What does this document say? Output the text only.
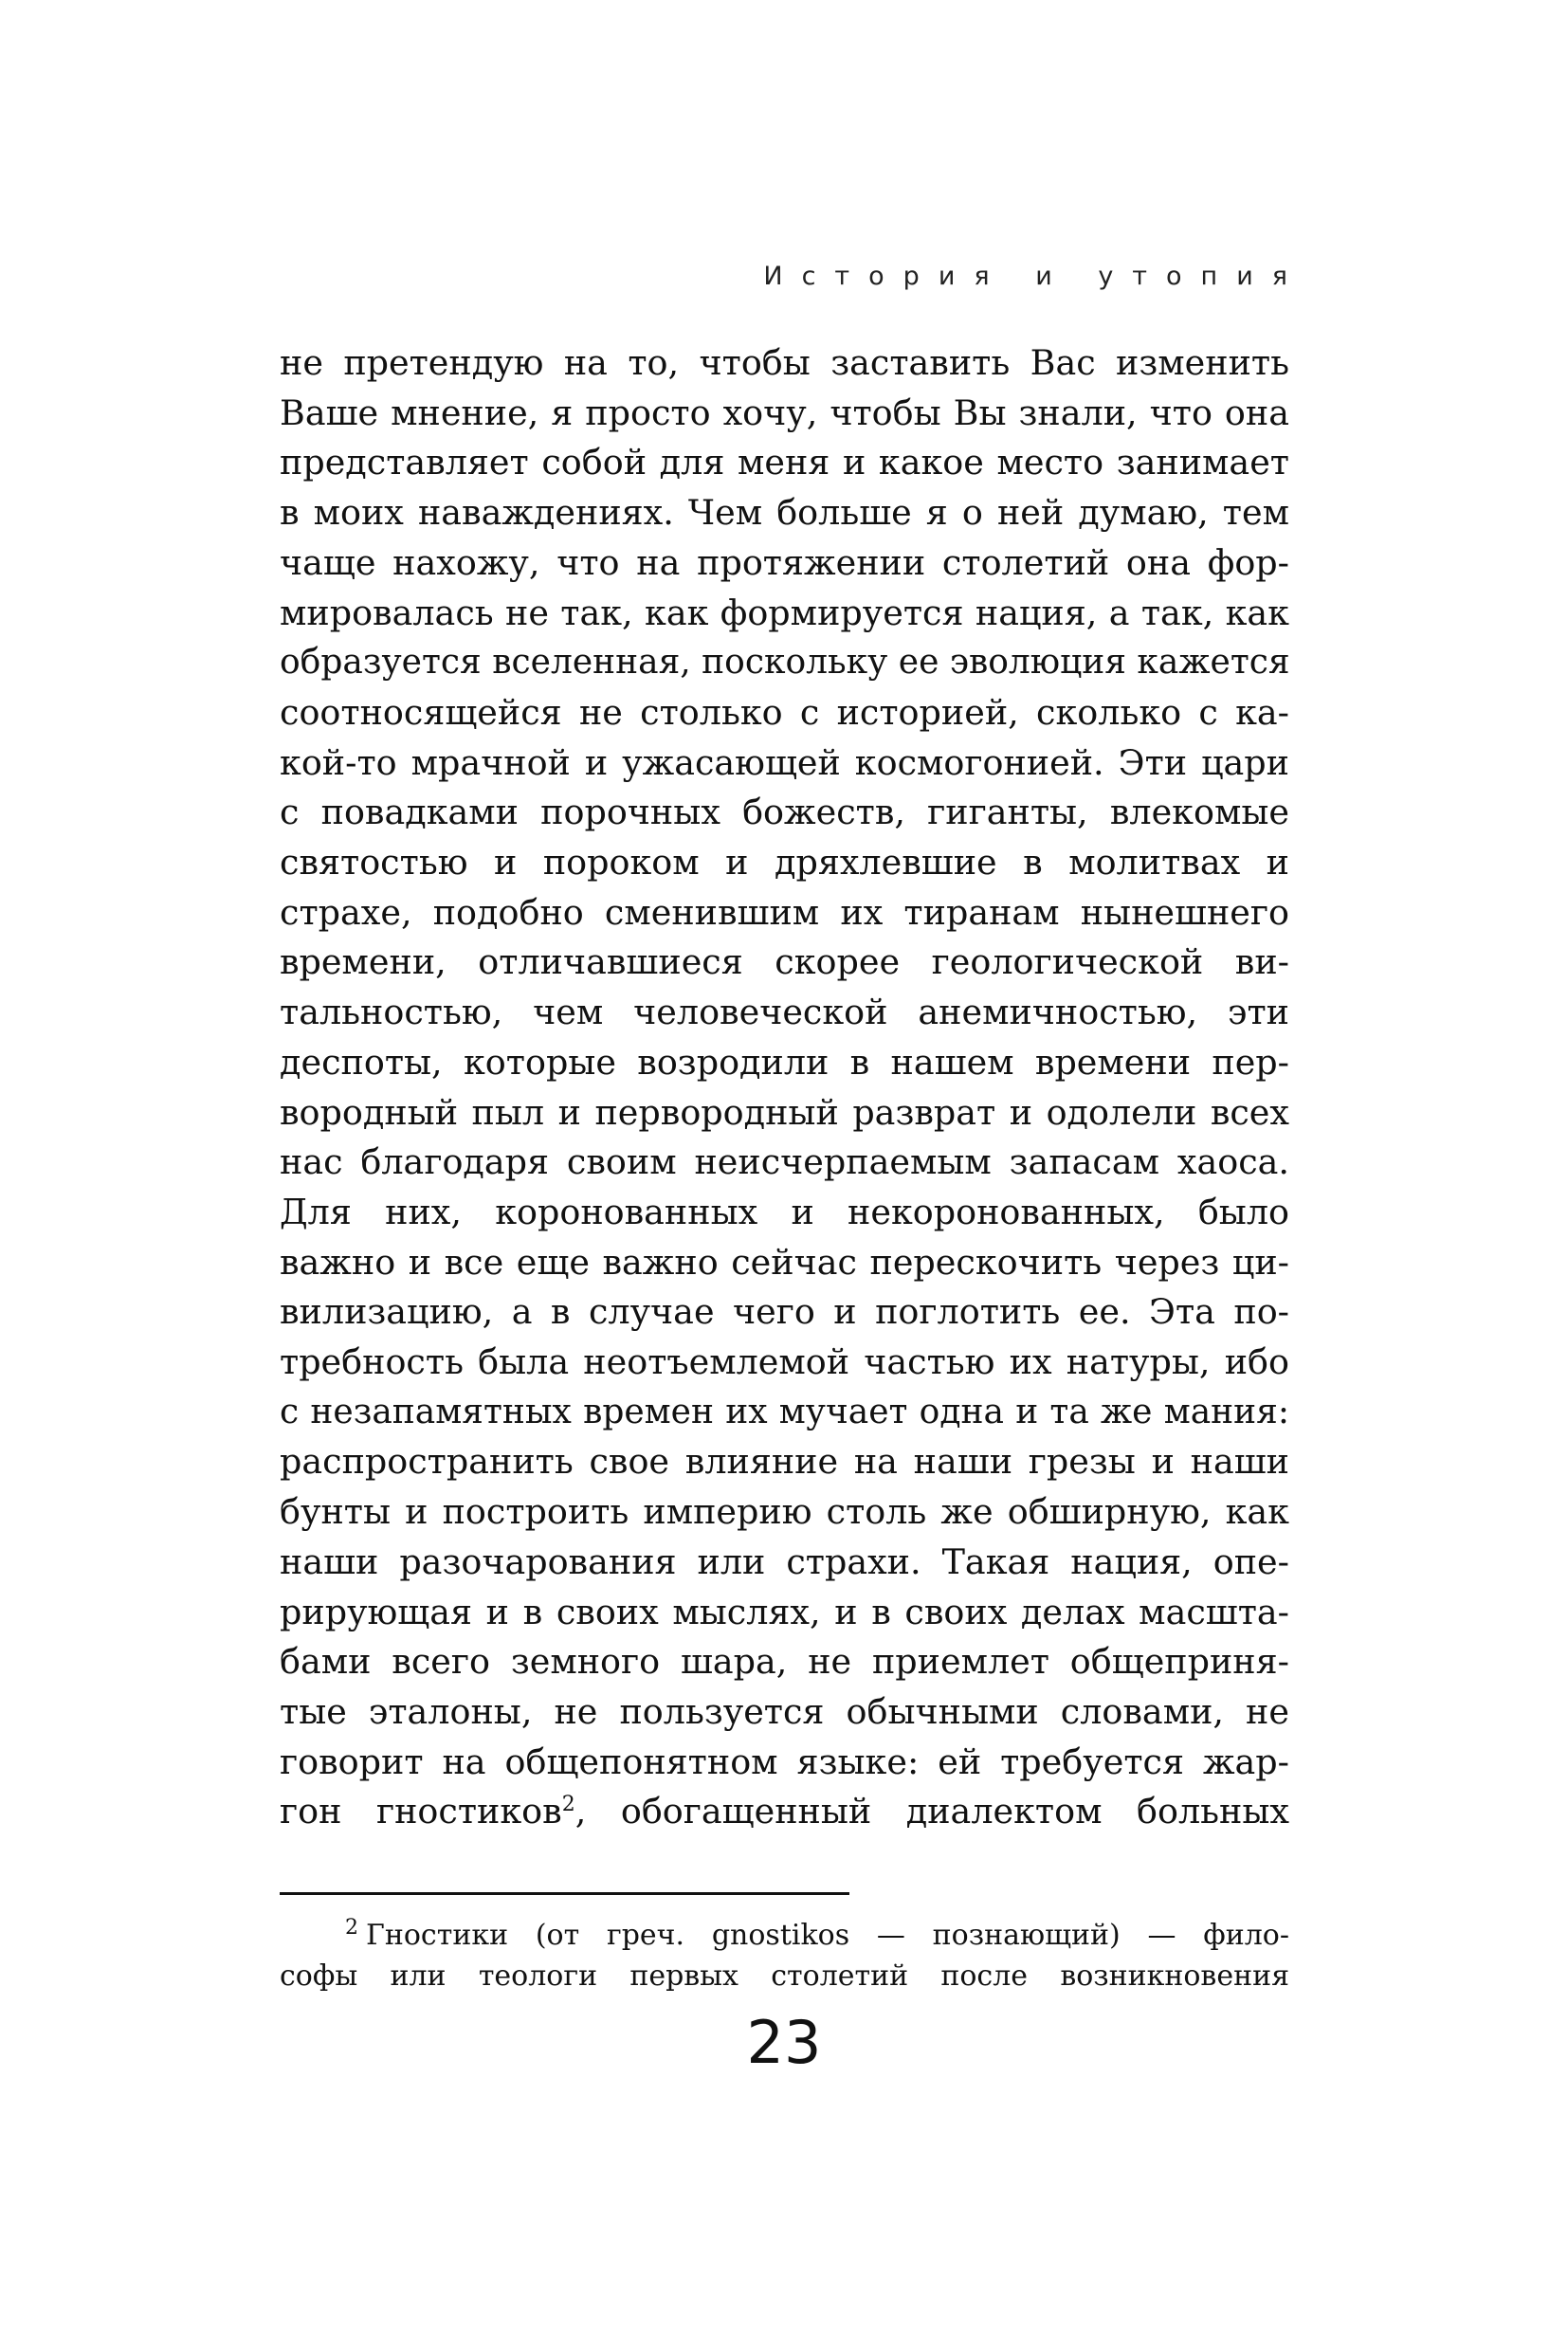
История и утопия
не претендую на то, чтобы заставить Вас изменить
Ваше мнение, я просто хочу, чтобы Вы знали, что она
представляет собой для меня и какое место занимает
в моих наваждениях. Чем больше я о ней думаю, тем
чаще нахожу, что на протяжении столетий она фор-
мировалась не так, как формируется нация, а так, как
образуется вселенная, поскольку ее эволюция кажется
соотносящейся не столько с историей, сколько с ка-
кой-то мрачной и ужасающей космогонией. Эти цари
с повадками порочных божеств, гиганты, влекомые
святостью и пороком и дряхлевшие в молитвах и
страхе, подобно сменившим их тиранам нынешнего
времени, отличавшиеся скорее геологической ви-
тальностью, чем человеческой анемичностью, эти
деспоты, которые возродили в нашем времени пер-
вородный пыл и первородный разврат и одолели всех
нас благодаря своим неисчерпаемым запасам хаоса.
Для них, коронованных и некоронованных, было
важно и все еще важно сейчас перескочить через ци-
вилизацию, а в случае чего и поглотить ее. Эта по-
требность была неотъемлемой частью их натуры, ибо
с незапамятных времен их мучает одна и та же мания:
распространить свое влияние на наши грезы и наши
бунты и построить империю столь же обширную, как
наши разочарования или страхи. Такая нация, опе-
рирующая и в своих мыслях, и в своих делах масшта-
бами всего земного шара, не приемлет общеприня-
тые эталоны, не пользуется обычными словами, не
говорит на общепонятном языке: ей требуется жар-
гон гностиков$^2$, обогащенный диалектом больных
$^2$ Гностики (от греч. gnostikos — познающий) — фило-
софы или теологи первых столетий после возникновения
23
